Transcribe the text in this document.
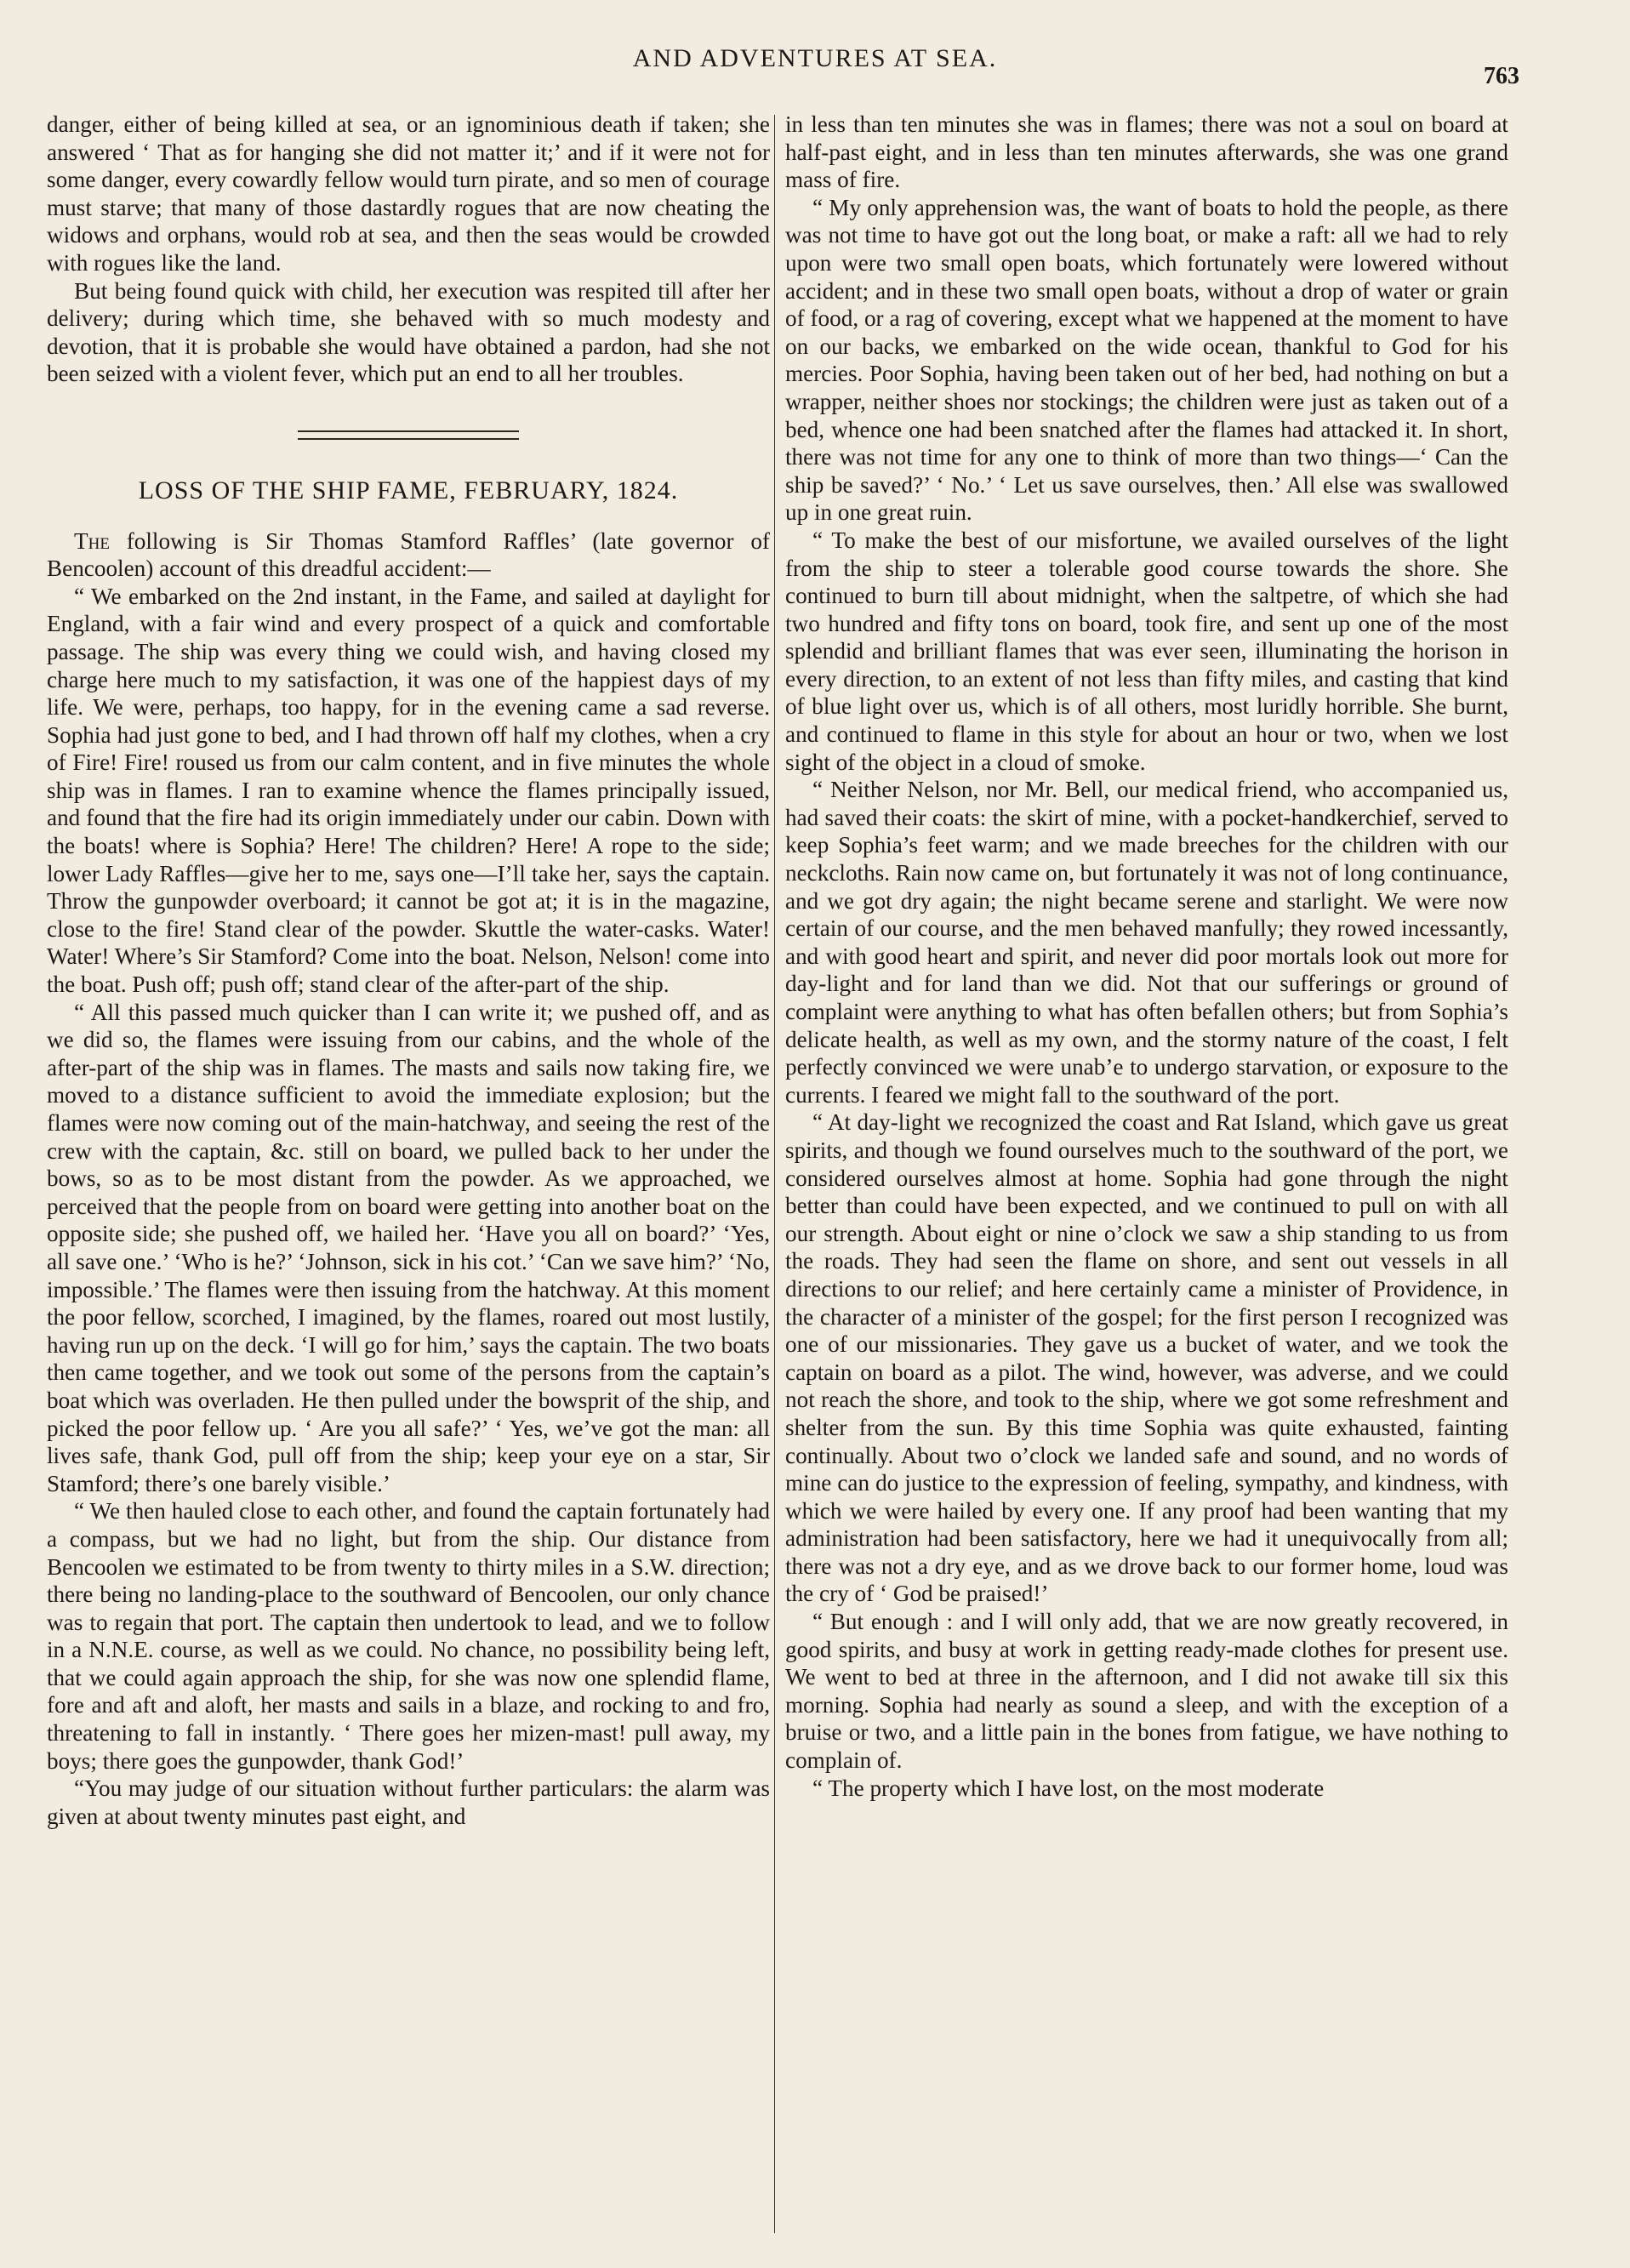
AND ADVENTURES AT SEA.
763

danger, either of being killed at sea, or an ignominious death if taken; she answered ‘ That as for hanging she did not matter it;’ and if it were not for some danger, every cowardly fellow would turn pirate, and so men of courage must starve; that many of those dastardly rogues that are now cheating the widows and orphans, would rob at sea, and then the seas would be crowded with rogues like the land.

But being found quick with child, her execution was respited till after her delivery; during which time, she behaved with so much modesty and devotion, that it is probable she would have obtained a pardon, had she not been seized with a violent fever, which put an end to all her troubles.

LOSS OF THE SHIP FAME, FEBRUARY, 1824.

The following is Sir Thomas Stamford Raffles’ (late governor of Bencoolen) account of this dreadful accident:—

“ We embarked on the 2nd instant, in the Fame, and sailed at daylight for England, with a fair wind and every prospect of a quick and comfortable passage. The ship was every thing we could wish, and having closed my charge here much to my satisfaction, it was one of the happiest days of my life. We were, perhaps, too happy, for in the evening came a sad reverse. Sophia had just gone to bed, and I had thrown off half my clothes, when a cry of Fire! Fire! roused us from our calm content, and in five minutes the whole ship was in flames. I ran to examine whence the flames principally issued, and found that the fire had its origin immediately under our cabin. Down with the boats! where is Sophia? Here! The children? Here! A rope to the side; lower Lady Raffles—give her to me, says one—I’ll take her, says the captain. Throw the gunpowder overboard; it cannot be got at; it is in the magazine, close to the fire! Stand clear of the powder. Skuttle the water-casks. Water! Water! Where’s Sir Stamford? Come into the boat. Nelson, Nelson! come into the boat. Push off; push off; stand clear of the after-part of the ship.

“ All this passed much quicker than I can write it; we pushed off, and as we did so, the flames were issuing from our cabins, and the whole of the after-part of the ship was in flames. The masts and sails now taking fire, we moved to a distance sufficient to avoid the immediate explosion; but the flames were now coming out of the main-hatchway, and seeing the rest of the crew with the captain, &c. still on board, we pulled back to her under the bows, so as to be most distant from the powder. As we approached, we perceived that the people from on board were getting into another boat on the opposite side; she pushed off, we hailed her. ‘Have you all on board?’ ‘Yes, all save one.’ ‘Who is he?’ ‘Johnson, sick in his cot.’ ‘Can we save him?’ ‘No, impossible.’ The flames were then issuing from the hatchway. At this moment the poor fellow, scorched, I imagined, by the flames, roared out most lustily, having run up on the deck. ‘I will go for him,’ says the captain. The two boats then came together, and we took out some of the persons from the captain’s boat which was overladen. He then pulled under the bowsprit of the ship, and picked the poor fellow up. ‘ Are you all safe?’ ‘ Yes, we’ve got the man: all lives safe, thank God, pull off from the ship; keep your eye on a star, Sir Stamford; there’s one barely visible.’

“ We then hauled close to each other, and found the captain fortunately had a compass, but we had no light, but from the ship. Our distance from Bencoolen we estimated to be from twenty to thirty miles in a S.W. direction; there being no landing-place to the southward of Bencoolen, our only chance was to regain that port. The captain then undertook to lead, and we to follow in a N.N.E. course, as well as we could. No chance, no possibility being left, that we could again approach the ship, for she was now one splendid flame, fore and aft and aloft, her masts and sails in a blaze, and rocking to and fro, threatening to fall in instantly. ‘ There goes her mizen-mast! pull away, my boys; there goes the gunpowder, thank God!’

“You may judge of our situation without further particulars: the alarm was given at about twenty minutes past eight, and

in less than ten minutes she was in flames; there was not a soul on board at half-past eight, and in less than ten minutes afterwards, she was one grand mass of fire.

“ My only apprehension was, the want of boats to hold the people, as there was not time to have got out the long boat, or make a raft: all we had to rely upon were two small open boats, which fortunately were lowered without accident; and in these two small open boats, without a drop of water or grain of food, or a rag of covering, except what we happened at the moment to have on our backs, we embarked on the wide ocean, thankful to God for his mercies. Poor Sophia, having been taken out of her bed, had nothing on but a wrapper, neither shoes nor stockings; the children were just as taken out of a bed, whence one had been snatched after the flames had attacked it. In short, there was not time for any one to think of more than two things—‘ Can the ship be saved?’ ‘ No.’ ‘ Let us save ourselves, then.’ All else was swallowed up in one great ruin.

“ To make the best of our misfortune, we availed ourselves of the light from the ship to steer a tolerable good course towards the shore. She continued to burn till about midnight, when the saltpetre, of which she had two hundred and fifty tons on board, took fire, and sent up one of the most splendid and brilliant flames that was ever seen, illuminating the horison in every direction, to an extent of not less than fifty miles, and casting that kind of blue light over us, which is of all others, most luridly horrible. She burnt, and continued to flame in this style for about an hour or two, when we lost sight of the object in a cloud of smoke.

“ Neither Nelson, nor Mr. Bell, our medical friend, who accompanied us, had saved their coats: the skirt of mine, with a pocket-handkerchief, served to keep Sophia’s feet warm; and we made breeches for the children with our neckcloths. Rain now came on, but fortunately it was not of long continuance, and we got dry again; the night became serene and starlight. We were now certain of our course, and the men behaved manfully; they rowed incessantly, and with good heart and spirit, and never did poor mortals look out more for day-light and for land than we did. Not that our sufferings or ground of complaint were anything to what has often befallen others; but from Sophia’s delicate health, as well as my own, and the stormy nature of the coast, I felt perfectly convinced we were unab’e to undergo starvation, or exposure to the currents. I feared we might fall to the southward of the port.

“ At day-light we recognized the coast and Rat Island, which gave us great spirits, and though we found ourselves much to the southward of the port, we considered ourselves almost at home. Sophia had gone through the night better than could have been expected, and we continued to pull on with all our strength. About eight or nine o’clock we saw a ship standing to us from the roads. They had seen the flame on shore, and sent out vessels in all directions to our relief; and here certainly came a minister of Providence, in the character of a minister of the gospel; for the first person I recognized was one of our missionaries. They gave us a bucket of water, and we took the captain on board as a pilot. The wind, however, was adverse, and we could not reach the shore, and took to the ship, where we got some refreshment and shelter from the sun. By this time Sophia was quite exhausted, fainting continually. About two o’clock we landed safe and sound, and no words of mine can do justice to the expression of feeling, sympathy, and kindness, with which we were hailed by every one. If any proof had been wanting that my administration had been satisfactory, here we had it unequivocally from all; there was not a dry eye, and as we drove back to our former home, loud was the cry of ‘ God be praised!’

“ But enough : and I will only add, that we are now greatly recovered, in good spirits, and busy at work in getting ready-made clothes for present use. We went to bed at three in the afternoon, and I did not awake till six this morning. Sophia had nearly as sound a sleep, and with the exception of a bruise or two, and a little pain in the bones from fatigue, we have nothing to complain of.

“ The property which I have lost, on the most moderate
